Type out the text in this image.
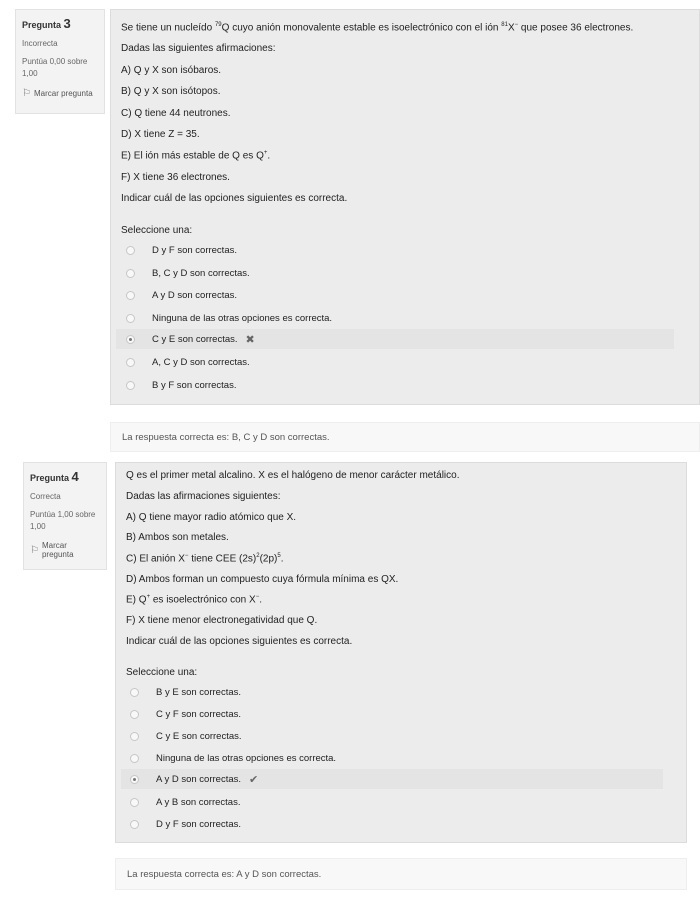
Pregunta 3
Incorrecta
Puntúa 0,00 sobre
1,00
⚐ Marcar pregunta
Se tiene un nucleído $^{79}$Q cuyo anión monovalente estable es isoelectrónico con el ión $^{81}$X− que posee 36 electrones.
Dadas las siguientes afirmaciones:
A) Q y X son isóbaros.
B) Q y X son isótopos.
C) Q tiene 44 neutrones.
D) X tiene Z = 35.
E) El ión más estable de Q es Q+.
F) X tiene 36 electrones.
Indicar cuál de las opciones siguientes es correcta.
Seleccione una:
D y F son correctas.
B, C y D son correctas.
A y D son correctas.
Ninguna de las otras opciones es correcta.
C y E son correctas. ✖
A, C y D son correctas.
B y F son correctas.
La respuesta correcta es: B, C y D son correctas.
Pregunta 4
Correcta
Puntúa 1,00 sobre
1,00
⚐ Marcar pregunta
Q es el primer metal alcalino. X es el halógeno de menor carácter metálico.
Dadas las afirmaciones siguientes:
A) Q tiene mayor radio atómico que X.
B) Ambos son metales.
C) El anión X− tiene CEE $(2s)^2(2p)^5$.
D) Ambos forman un compuesto cuya fórmula mínima es QX.
E) Q+ es isoelectrónico con X−.
F) X tiene menor electronegatividad que Q.
Indicar cuál de las opciones siguientes es correcta.
Seleccione una:
B y E son correctas.
C y F son correctas.
C y E son correctas.
Ninguna de las otras opciones es correcta.
A y D son correctas. ✔
A y B son correctas.
D y F son correctas.
La respuesta correcta es: A y D son correctas.
